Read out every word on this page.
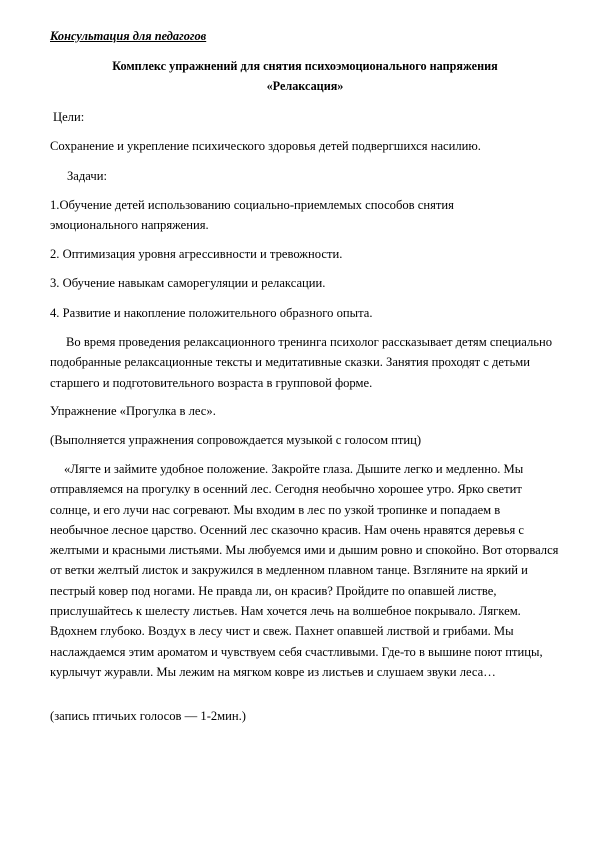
Консультация для педагогов

Комплекс упражнений для снятия психоэмоционального напряжения

«Релаксация»

Цели:

Сохранение и укрепление психического здоровья детей подвергшихся насилию.

Задачи:

1.Обучение детей использованию социально-приемлемых способов снятия эмоционального напряжения.

2. Оптимизация уровня агрессивности и тревожности.

3. Обучение навыкам саморегуляции и релаксации.

4. Развитие и накопление положительного образного опыта.

Во время проведения релаксационного тренинга психолог рассказывает детям специально подобранные релаксационные тексты и медитативные сказки. Занятия проходят с детьми старшего и подготовительного возраста в групповой форме.

Упражнение «Прогулка в лес».

(Выполняется упражнения сопровождается музыкой с голосом птиц)

«Лягте и займите удобное положение. Закройте глаза. Дышите легко и медленно. Мы отправляемся на прогулку в осенний лес. Сегодня необычно хорошее утро. Ярко светит солнце, и его лучи нас согревают. Мы входим в лес по узкой тропинке и попадаем в необычное лесное царство. Осенний лес сказочно красив. Нам очень нравятся деревья с желтыми и красными листьями. Мы любуемся ими и дышим ровно и спокойно. Вот оторвался от ветки желтый листок и закружился в медленном плавном танце. Взгляните на яркий и пестрый ковер под ногами. Не правда ли, он красив? Пройдите по опавшей листве, прислушайтесь к шелесту листьев. Нам хочется лечь на волшебное покрывало. Лягкем. Вдохнем глубоко. Воздух в лесу чист и свеж. Пахнет опавшей листвой и грибами. Мы наслаждаемся этим ароматом и чувствуем себя счастливыми. Где-то в вышине поют птицы, курлычут журавли. Мы лежим на мягком ковре из листьев и слушаем звуки леса…

(запись птичьих голосов — 1-2мин.)
